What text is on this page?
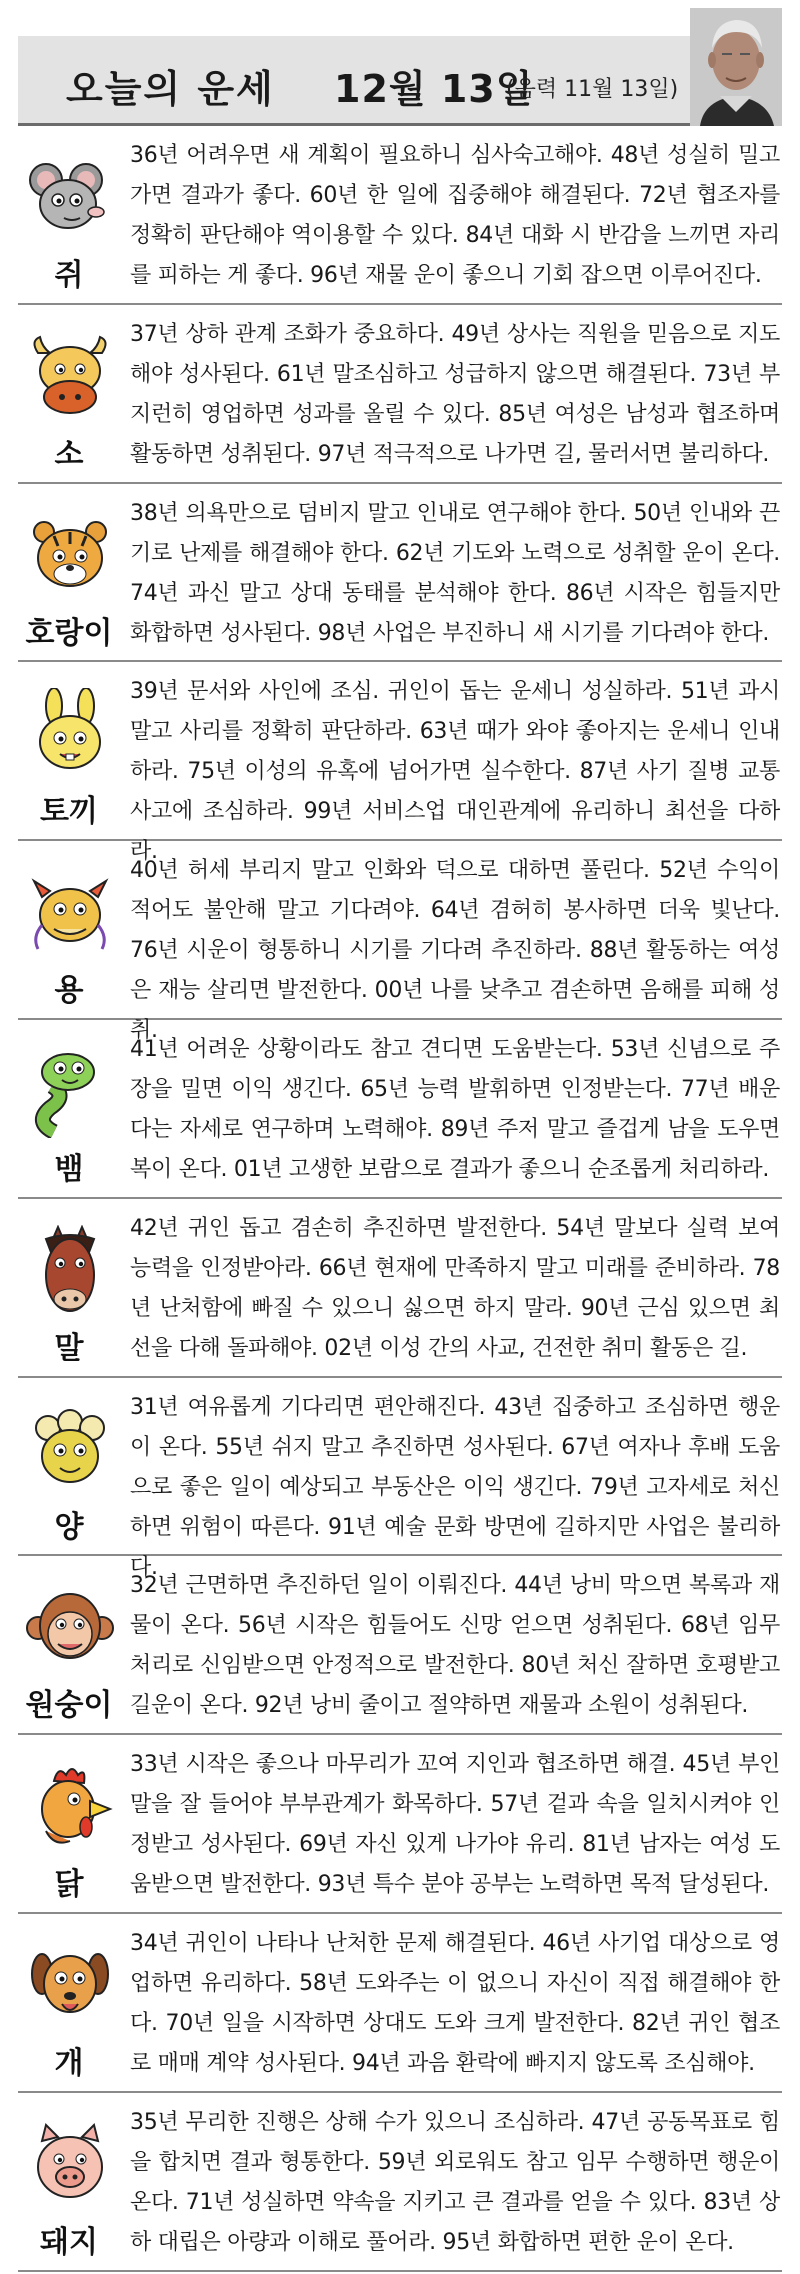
오늘의 운세 12월 13일
(음력 11월 13일)
쥐
36년 어려우면 새 계획이 필요하니 심사숙고해야. 48년 성실히 밀고 가면 결과가 좋다. 60년 한 일에 집중해야 해결된다. 72년 협조자를 정확히 판단해야 역이용할 수 있다. 84년 대화 시 반감을 느끼면 자리를 피하는 게 좋다. 96년 재물 운이 좋으니 기회 잡으면 이루어진다.
소
37년 상하 관계 조화가 중요하다. 49년 상사는 직원을 믿음으로 지도해야 성사된다. 61년 말조심하고 성급하지 않으면 해결된다. 73년 부지런히 영업하면 성과를 올릴 수 있다. 85년 여성은 남성과 협조하며 활동하면 성취된다. 97년 적극적으로 나가면 길, 물러서면 불리하다.
호랑이
38년 의욕만으로 덤비지 말고 인내로 연구해야 한다. 50년 인내와 끈기로 난제를 해결해야 한다. 62년 기도와 노력으로 성취할 운이 온다. 74년 과신 말고 상대 동태를 분석해야 한다. 86년 시작은 힘들지만 화합하면 성사된다. 98년 사업은 부진하니 새 시기를 기다려야 한다.
토끼
39년 문서와 사인에 조심. 귀인이 돕는 운세니 성실하라. 51년 과시 말고 사리를 정확히 판단하라. 63년 때가 와야 좋아지는 운세니 인내하라. 75년 이성의 유혹에 넘어가면 실수한다. 87년 사기 질병 교통사고에 조심하라. 99년 서비스업 대인관계에 유리하니 최선을 다하라.
용
40년 허세 부리지 말고 인화와 덕으로 대하면 풀린다. 52년 수익이 적어도 불안해 말고 기다려야. 64년 겸허히 봉사하면 더욱 빛난다. 76년 시운이 형통하니 시기를 기다려 추진하라. 88년 활동하는 여성은 재능 살리면 발전한다. 00년 나를 낮추고 겸손하면 음해를 피해 성취.
뱀
41년 어려운 상황이라도 참고 견디면 도움받는다. 53년 신념으로 주장을 밀면 이익 생긴다. 65년 능력 발휘하면 인정받는다. 77년 배운다는 자세로 연구하며 노력해야. 89년 주저 말고 즐겁게 남을 도우면 복이 온다. 01년 고생한 보람으로 결과가 좋으니 순조롭게 처리하라.
말
42년 귀인 돕고 겸손히 추진하면 발전한다. 54년 말보다 실력 보여 능력을 인정받아라. 66년 현재에 만족하지 말고 미래를 준비하라. 78년 난처함에 빠질 수 있으니 싫으면 하지 말라. 90년 근심 있으면 최선을 다해 돌파해야. 02년 이성 간의 사교, 건전한 취미 활동은 길.
양
31년 여유롭게 기다리면 편안해진다. 43년 집중하고 조심하면 행운이 온다. 55년 쉬지 말고 추진하면 성사된다. 67년 여자나 후배 도움으로 좋은 일이 예상되고 부동산은 이익 생긴다. 79년 고자세로 처신하면 위험이 따른다. 91년 예술 문화 방면에 길하지만 사업은 불리하다.
원숭이
32년 근면하면 추진하던 일이 이뤄진다. 44년 낭비 막으면 복록과 재물이 온다. 56년 시작은 힘들어도 신망 얻으면 성취된다. 68년 임무 처리로 신임받으면 안정적으로 발전한다. 80년 처신 잘하면 호평받고 길운이 온다. 92년 낭비 줄이고 절약하면 재물과 소원이 성취된다.
닭
33년 시작은 좋으나 마무리가 꼬여 지인과 협조하면 해결. 45년 부인 말을 잘 들어야 부부관계가 화목하다. 57년 겉과 속을 일치시켜야 인정받고 성사된다. 69년 자신 있게 나가야 유리. 81년 남자는 여성 도움받으면 발전한다. 93년 특수 분야 공부는 노력하면 목적 달성된다.
개
34년 귀인이 나타나 난처한 문제 해결된다. 46년 사기업 대상으로 영업하면 유리하다. 58년 도와주는 이 없으니 자신이 직접 해결해야 한다. 70년 일을 시작하면 상대도 도와 크게 발전한다. 82년 귀인 협조로 매매 계약 성사된다. 94년 과음 환락에 빠지지 않도록 조심해야.
돼지
35년 무리한 진행은 상해 수가 있으니 조심하라. 47년 공동목표로 힘을 합치면 결과 형통한다. 59년 외로워도 참고 임무 수행하면 행운이 온다. 71년 성실하면 약속을 지키고 큰 결과를 얻을 수 있다. 83년 상하 대립은 아량과 이해로 풀어라. 95년 화합하면 편한 운이 온다.
